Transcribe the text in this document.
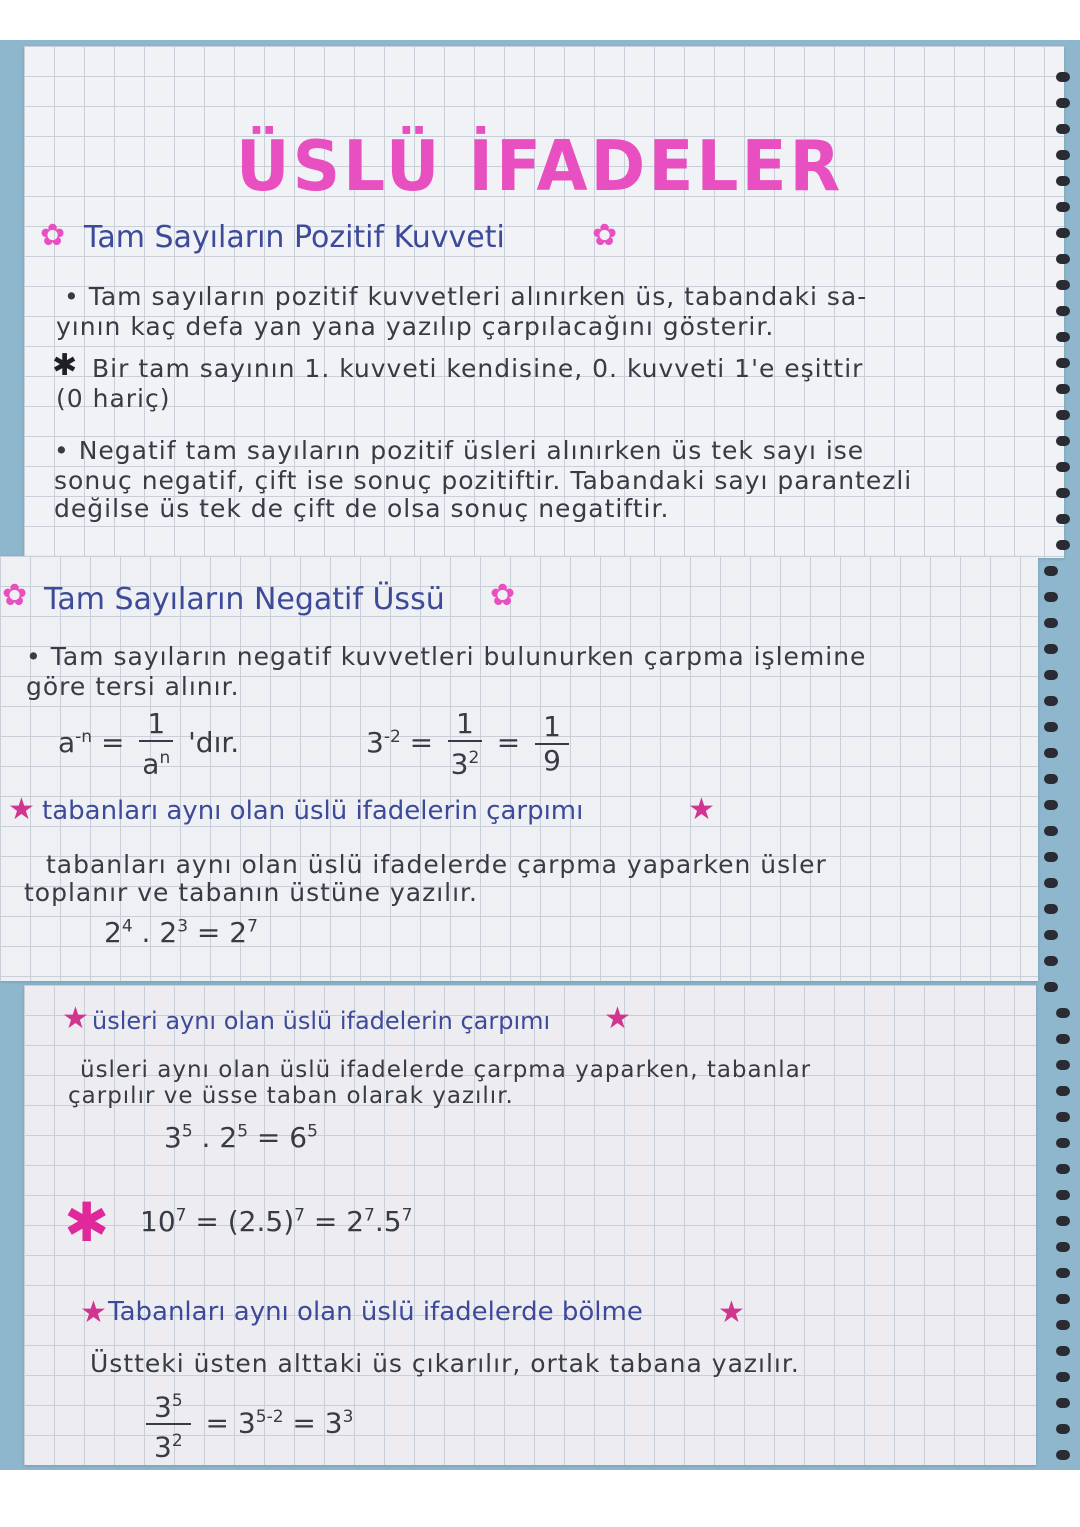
ÜSLÜ İFADELER
✿ Tam Sayıların Pozitif Kuvveti	✿
• Tam sayıların pozitif kuvvetleri alınırken üs, tabandaki sa-
yının kaç defa yan yana yazılıp çarpılacağını gösterir.
✱ Bir tam sayının 1. kuvveti kendisine, 0. kuvveti 1'e eşittir
(0 hariç)
• Negatif tam sayıların pozitif üsleri alınırken üs tek sayı ise
sonuç negatif, çift ise sonuç pozitiftir. Tabandaki sayı parantezli
değilse üs tek de çift de olsa sonuç negatiftir.
✿ Tam Sayıların Negatif Üssü ✿
• Tam sayıların negatif kuvvetleri bulunurken çarpma işlemine
göre tersi alınır.
$a^{-n} = \frac{1}{a^n}$ 'dır.	$3^{-2} = \frac{1}{3^2} = \frac{1}{9}$
★ tabanları aynı olan üslü ifadelerin çarpımı	★
tabanları aynı olan üslü ifadelerde çarpma yaparken üsler
toplanır ve tabanın üstüne yazılır.
$2^4$ . $2^3 = 2^7$
★ üsleri aynı olan üslü ifadelerin çarpımı ★
üsleri aynı olan üslü ifadelerde çarpma yaparken, tabanlar
çarpılır ve üsse taban olarak yazılır.
$3^5$ . $2^5 = 6^5$
✱ $10^7 = (2.5)^7 = 2^7.5^7$
★ Tabanları aynı olan üslü ifadelerde bölme	★
Üstteki üsten alttaki üs çıkarılır, ortak tabana yazılır.
$\frac{3^5}{3^2} = 3^{5-2} = 3^3$
